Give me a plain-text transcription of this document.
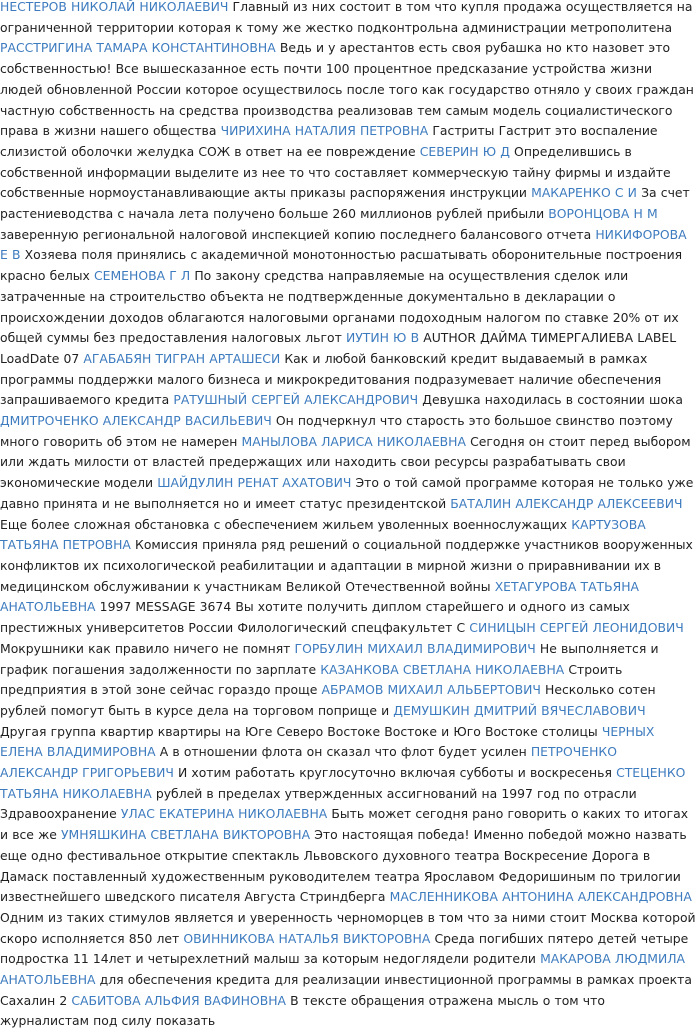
НЕСТЕРОВ НИКОЛАЙ НИКОЛАЕВИЧ Главный из них состоит в том что купля продажа осуществляется на ограниченной территории которая к тому же жестко подконтрольна администрации метрополитена РАССТРИГИНА ТАМАРА КОНСТАНТИНОВНА Ведь и у арестантов есть своя рубашка но кто назовет это собственностью! Все вышесказанное есть почти 100 процентное предсказание устройства жизни людей обновленной России которое осуществилось после того как государство отняло у своих граждан частную собственность на средства производства реализовав тем самым модель социалистического права в жизни нашего общества ЧИРИХИНА НАТАЛИЯ ПЕТРОВНА Гастриты Гастрит это воспаление слизистой оболочки желудка СОЖ в ответ на ее повреждение СЕВЕРИН Ю Д Определившись в собственной информации выделите из нее то что составляет коммерческую тайну фирмы и издайте собственные нормоустанавливающие акты приказы распоряжения инструкции МАКАРЕНКО С И За счет растениеводства с начала лета получено больше 260 миллионов рублей прибыли ВОРОНЦОВА Н М заверенную региональной налоговой инспекцией копию последнего балансового отчета НИКИФОРОВА Е В Хозяева поля принялись с академичной монотонностью расшатывать оборонительные построения красно белых СЕМЕНОВА Г Л По закону средства направляемые на осуществления сделок или затраченные на строительство объекта не подтвержденные документально в декларации о происхождении доходов облагаются налоговыми органами подоходным налогом по ставке 20% от их общей суммы без предоставления налоговых льгот ИУТИН Ю В AUTHOR ДАЙМА ТИМЕРГАЛИЕВА LABEL LoadDate 07 АГАБАБЯН ТИГРАН АРТАШЕСИ Как и любой банковский кредит выдаваемый в рамках программы поддержки малого бизнеса и микрокредитования подразумевает наличие обеспечения запрашиваемого кредита РАТУШНЫЙ СЕРГЕЙ АЛЕКСАНДРОВИЧ Девушка находилась в состоянии шока ДМИТРОЧЕНКО АЛЕКСАНДР ВАСИЛЬЕВИЧ Он подчеркнул что старость это большое свинство поэтому много говорить об этом не намерен МАНЫЛОВА ЛАРИСА НИКОЛАЕВНА Сегодня он стоит перед выбором или ждать милости от властей предержащих или находить свои ресурсы разрабатывать свои экономические модели ШАЙДУЛИН РЕНАТ АХАТОВИЧ Это о той самой программе которая не только уже давно принята и не выполняется но и имеет статус президентской БАТАЛИН АЛЕКСАНДР АЛЕКСЕЕВИЧ Еще более сложная обстановка с обеспечением жильем уволенных военнослужащих КАРТУЗОВА ТАТЬЯНА ПЕТРОВНА Комиссия приняла ряд решений о социальной поддержке участников вооруженных конфликтов их психологической реабилитации и адаптации в мирной жизни о приравнивании их в медицинском обслуживании к участникам Великой Отечественной войны ХЕТАГУРОВА ТАТЬЯНА АНАТОЛЬЕВНА 1997 MESSAGE 3674 Вы хотите получить диплом старейшего и одного из самых престижных университетов России Филологический спецфакультет С СИНИЦЫН СЕРГЕЙ ЛЕОНИДОВИЧ Мокрушники как правило ничего не помнят ГОРБУЛИН МИХАИЛ ВЛАДИМИРОВИЧ Не выполняется и график погашения задолженности по зарплате КАЗАНКОВА СВЕТЛАНА НИКОЛАЕВНА Строить предприятия в этой зоне сейчас гораздо проще АБРАМОВ МИХАИЛ АЛЬБЕРТОВИЧ Несколько сотен рублей помогут быть в курсе дела на торговом поприще и ДЕМУШКИН ДМИТРИЙ ВЯЧЕСЛАВОВИЧ Другая группа квартир квартиры на Юге Северо Востоке Востоке и Юго Востоке столицы ЧЕРНЫХ ЕЛЕНА ВЛАДИМИРОВНА А в отношении флота он сказал что флот будет усилен ПЕТРОЧЕНКО АЛЕКСАНДР ГРИГОРЬЕВИЧ И хотим работать круглосуточно включая субботы и воскресенья СТЕЦЕНКО ТАТЬЯНА НИКОЛАЕВНА рублей в пределах утвержденных ассигнований на 1997 год по отрасли Здравоохранение УЛАС ЕКАТЕРИНА НИКОЛАЕВНА Быть может сегодня рано говорить о каких то итогах и все же УМНЯШКИНА СВЕТЛАНА ВИКТОРОВНА Это настоящая победа! Именно победой можно назвать еще одно фестивальное открытие спектакль Львовского духовного театра Воскресение Дорога в Дамаск поставленный художественным руководителем театра Ярославом Федоришиным по трилогии известнейшего шведского писателя Августа Стриндберга МАСЛЕННИКОВА АНТОНИНА АЛЕКСАНДРОВНА Одним из таких стимулов является и уверенность черноморцев в том что за ними стоит Москва которой скоро исполняется 850 лет ОВИННИКОВА НАТАЛЬЯ ВИКТОРОВНА Среда погибших пятеро детей четыре подростка 11 14лет и четырехлетний малыш за которым недоглядели родители МАКАРОВА ЛЮДМИЛА АНАТОЛЬЕВНА для обеспечения кредита для реализации инвестиционной программы в рамках проекта Сахалин 2 САБИТОВА АЛЬФИЯ ВАФИНОВНА В тексте обращения отражена мысль о том что журналистам под силу показать
